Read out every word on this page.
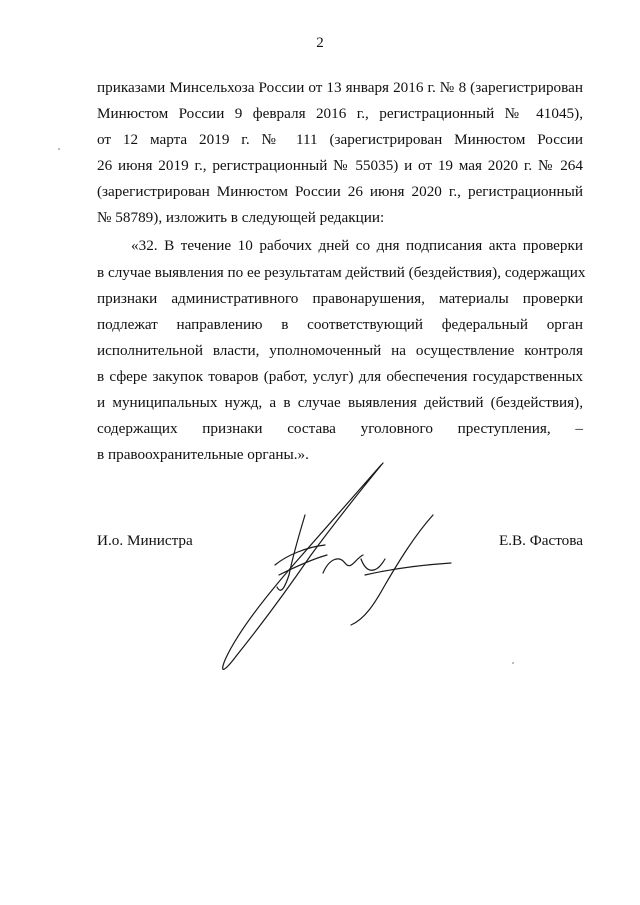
2
приказами Минсельхоза России от 13 января 2016 г. № 8 (зарегистрирован
Минюстом России 9 февраля 2016 г., регистрационный № 41045),
от 12 марта 2019 г. № 111 (зарегистрирован Минюстом России
26 июня 2019 г., регистрационный № 55035) и от 19 мая 2020 г. № 264
(зарегистрирован Минюстом России 26 июня 2020 г., регистрационный
№ 58789), изложить в следующей редакции:
«32. В течение 10 рабочих дней со дня подписания акта проверки
в случае выявления по ее результатам действий (бездействия), содержащих
признаки административного правонарушения, материалы проверки
подлежат направлению в соответствующий федеральный орган
исполнительной власти, уполномоченный на осуществление контроля
в сфере закупок товаров (работ, услуг) для обеспечения государственных
и муниципальных нужд, а в случае выявления действий (бездействия),
содержащих признаки состава уголовного преступления, –
в правоохранительные органы.».
И.о. Министра	Е.В. Фастова
